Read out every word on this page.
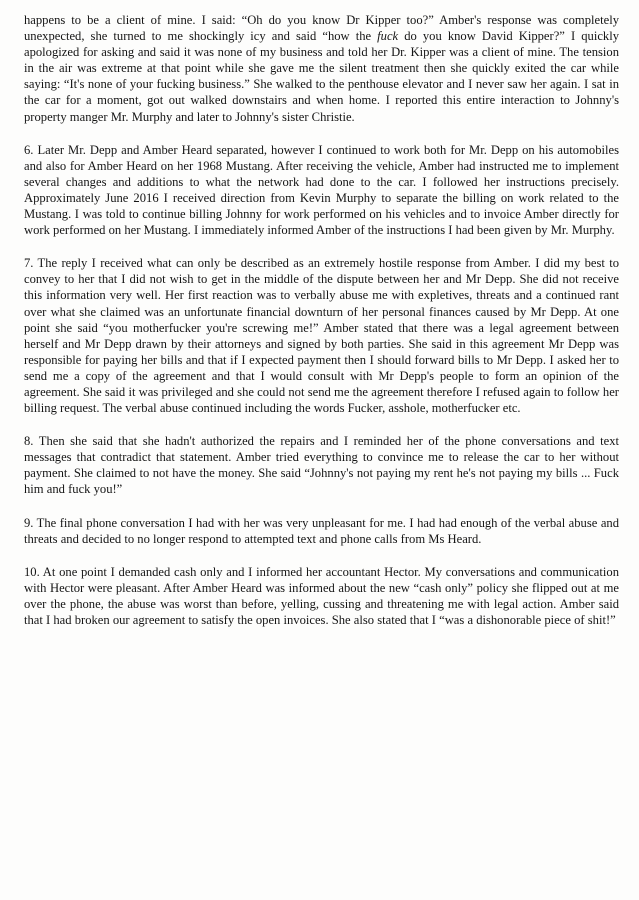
happens to be a client of mine. I said: “Oh do you know Dr Kipper too?” Amber's response was completely unexpected, she turned to me shockingly icy and said “how the fuck do you know David Kipper?” I quickly apologized for asking and said it was none of my business and told her Dr. Kipper was a client of mine. The tension in the air was extreme at that point while she gave me the silent treatment then she quickly exited the car while saying: “It's none of your fucking business.” She walked to the penthouse elevator and I never saw her again. I sat in the car for a moment, got out walked downstairs and when home. I reported this entire interaction to Johnny's property manger Mr. Murphy and later to Johnny's sister Christie.

6. Later Mr. Depp and Amber Heard separated, however I continued to work both for Mr. Depp on his automobiles and also for Amber Heard on her 1968 Mustang. After receiving the vehicle, Amber had instructed me to implement several changes and additions to what the network had done to the car. I followed her instructions precisely. Approximately June 2016 I received direction from Kevin Murphy to separate the billing on work related to the Mustang. I was told to continue billing Johnny for work performed on his vehicles and to invoice Amber directly for work performed on her Mustang. I immediately informed Amber of the instructions I had been given by Mr. Murphy.

7. The reply I received what can only be described as an extremely hostile response from Amber. I did my best to convey to her that I did not wish to get in the middle of the dispute between her and Mr Depp. She did not receive this information very well. Her first reaction was to verbally abuse me with expletives, threats and a continued rant over what she claimed was an unfortunate financial downturn of her personal finances caused by Mr Depp. At one point she said “you motherfucker you're screwing me!” Amber stated that there was a legal agreement between herself and Mr Depp drawn by their attorneys and signed by both parties. She said in this agreement Mr Depp was responsible for paying her bills and that if I expected payment then I should forward bills to Mr Depp. I asked her to send me a copy of the agreement and that I would consult with Mr Depp's people to form an opinion of the agreement. She said it was privileged and she could not send me the agreement therefore I refused again to follow her billing request. The verbal abuse continued including the words Fucker, asshole, motherfucker etc.

8. Then she said that she hadn't authorized the repairs and I reminded her of the phone conversations and text messages that contradict that statement. Amber tried everything to convince me to release the car to her without payment. She claimed to not have the money. She said “Johnny's not paying my rent he's not paying my bills ... Fuck him and fuck you!”

9. The final phone conversation I had with her was very unpleasant for me. I had had enough of the verbal abuse and threats and decided to no longer respond to attempted text and phone calls from Ms Heard.

10. At one point I demanded cash only and I informed her accountant Hector. My conversations and communication with Hector were pleasant. After Amber Heard was informed about the new “cash only” policy she flipped out at me over the phone, the abuse was worst than before, yelling, cussing and threatening me with legal action. Amber said that I had broken our agreement to satisfy the open invoices. She also stated that I “was a dishonorable piece of shit!”
